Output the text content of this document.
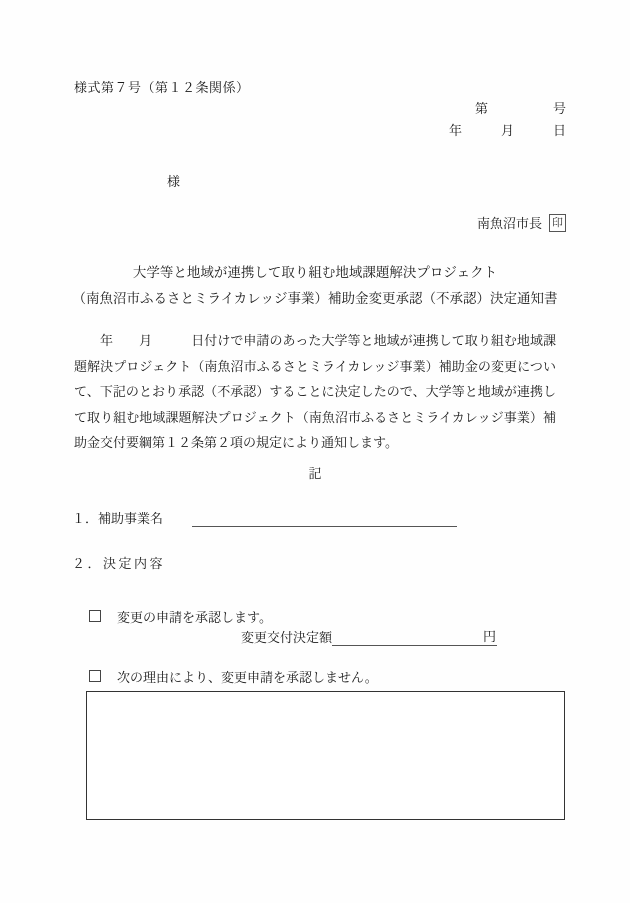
様式第７号（第１２条関係）
第　　　　　号
年　　　月　　　日
様
南魚沼市長 印
大学等と地域が連携して取り組む地域課題解決プロジェクト
（南魚沼市ふるさとミライカレッジ事業）補助金変更承認（不承認）決定通知書
年　　月　　　日付けで申請のあった大学等と地域が連携して取り組む地域課題解決プロジェクト（南魚沼市ふるさとミライカレッジ事業）補助金の変更について、下記のとおり承認（不承認）することに決定したので、大学等と地域が連携して取り組む地域課題解決プロジェクト（南魚沼市ふるさとミライカレッジ事業）補助金交付要綱第１２条第２項の規定により通知します。
記
１．補助事業名
２．決定内容
変更の申請を承認します。
変更交付決定額	円
次の理由により、変更申請を承認しません。
